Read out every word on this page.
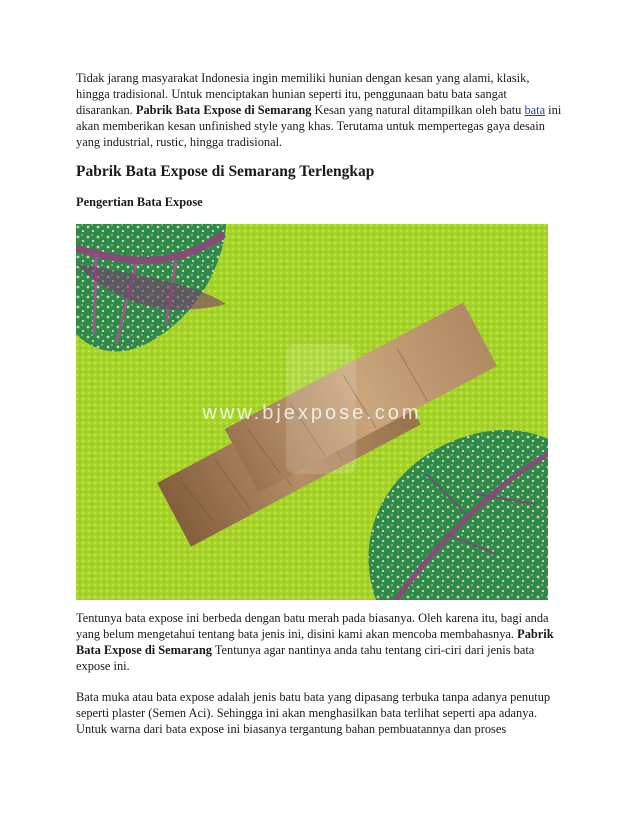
Tidak jarang masyarakat Indonesia ingin memiliki hunian dengan kesan yang alami, klasik, hingga tradisional. Untuk menciptakan hunian seperti itu, penggunaan batu bata sangat disarankan. Pabrik Bata Expose di Semarang Kesan yang natural ditampilkan oleh batu bata ini akan memberikan kesan unfinished style yang khas. Terutama untuk mempertegas gaya desain yang industrial, rustic, hingga tradisional.

Pabrik Bata Expose di Semarang Terlengkap
Pengertian Bata Expose
www.bjexpose.com

Tentunya bata expose ini berbeda dengan batu merah pada biasanya. Oleh karena itu, bagi anda yang belum mengetahui tentang bata jenis ini, disini kami akan mencoba membahasnya. Pabrik Bata Expose di Semarang Tentunya agar nantinya anda tahu tentang ciri-ciri dari jenis bata expose ini.

Bata muka atau bata expose adalah jenis batu bata yang dipasang terbuka tanpa adanya penutup seperti plaster (Semen Aci). Sehingga ini akan menghasilkan bata terlihat seperti apa adanya. Untuk warna dari bata expose ini biasanya tergantung bahan pembuatannya dan proses
